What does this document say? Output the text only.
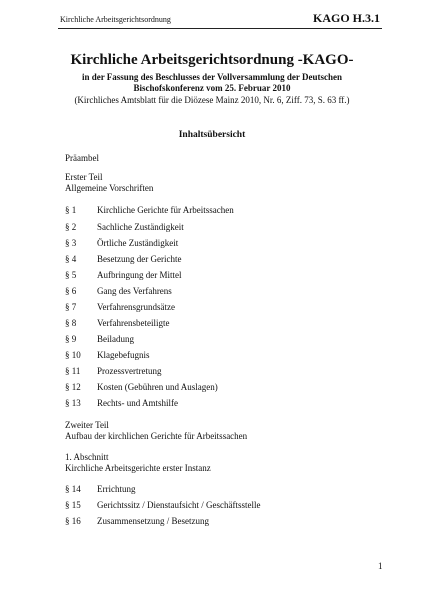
Kirchliche Arbeitsgerichtsordnung	KAGO H.3.1
Kirchliche Arbeitsgerichtsordnung -KAGO-
in der Fassung des Beschlusses der Vollversammlung der Deutschen
Bischofskonferenz vom 25. Februar 2010
(Kirchliches Amtsblatt für die Diözese Mainz 2010, Nr. 6, Ziff. 73, S. 63 ff.)
Inhaltsübersicht
Präambel
Erster Teil
Allgemeine Vorschriften
§ 1 Kirchliche Gerichte für Arbeitssachen
§ 2 Sachliche Zuständigkeit
§ 3 Örtliche Zuständigkeit
§ 4 Besetzung der Gerichte
§ 5 Aufbringung der Mittel
§ 6 Gang des Verfahrens
§ 7 Verfahrensgrundsätze
§ 8 Verfahrensbeteiligte
§ 9 Beiladung
§ 10 Klagebefugnis
§ 11 Prozessvertretung
§ 12 Kosten (Gebühren und Auslagen)
§ 13 Rechts- und Amtshilfe
Zweiter Teil
Aufbau der kirchlichen Gerichte für Arbeitssachen
1. Abschnitt
Kirchliche Arbeitsgerichte erster Instanz
§ 14 Errichtung
§ 15 Gerichtssitz / Dienstaufsicht / Geschäftsstelle
§ 16 Zusammensetzung / Besetzung
1
